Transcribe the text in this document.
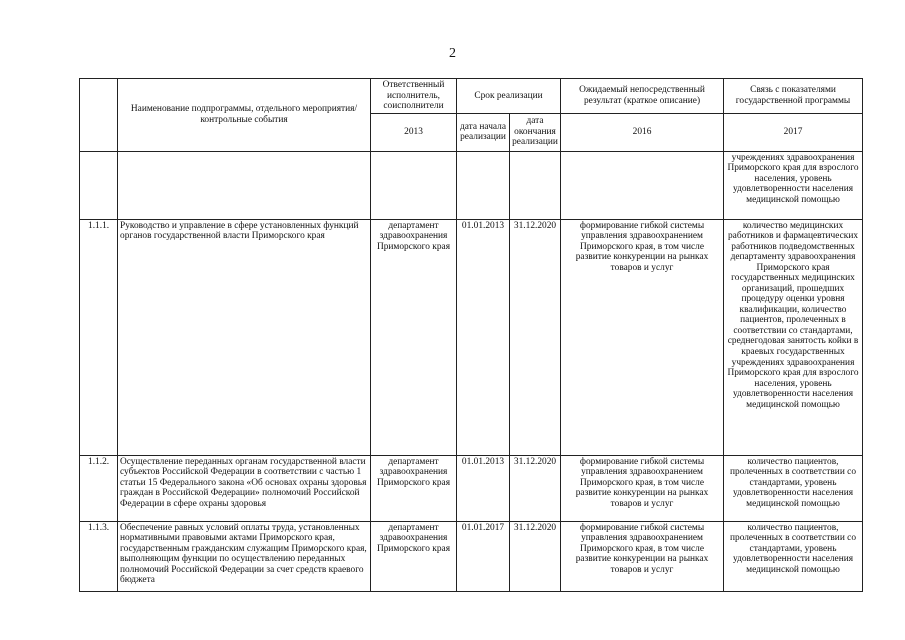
2
	Наименование подпрограммы, отдельного мероприятия/контрольные события	Ответственный исполнитель, соисполнители	Срок реализации		Ожидаемый непосредственный результат (краткое описание)	Связь с показателями государственной программы
		2013	дата начала реализации	дата окончания реализации	2016	2017
						учреждениях здравоохранения Приморского края для взрослого населения, уровень удовлетворенности населения медицинской помощью
1.1.1.	Руководство и управление в сфере установленных функций органов государственной власти Приморского края	департамент здравоохранения Приморского края	01.01.2013	31.12.2020	формирование гибкой системы управления здравоохранением Приморского края, в том числе развитие конкуренции на рынках товаров и услуг	количество медицинских работников и фармацевтических работников подведомственных департаменту здравоохранения Приморского края государственных медицинских организаций, прошедших процедуру оценки уровня квалификации, количество пациентов, пролеченных в соответствии со стандартами, среднегодовая занятость койки в краевых государственных учреждениях здравоохранения Приморского края для взрослого населения, уровень удовлетворенности населения медицинской помощью
1.1.2.	Осуществление переданных органам государственной власти субъектов Российской Федерации в соответствии с частью 1 статьи 15 Федерального закона «Об основах охраны здоровья граждан в Российской Федерации» полномочий Российской Федерации в сфере охраны здоровья	департамент здравоохранения Приморского края	01.01.2013	31.12.2020	формирование гибкой системы управления здравоохранением Приморского края, в том числе развитие конкуренции на рынках товаров и услуг	количество пациентов, пролеченных в соответствии со стандартами, уровень удовлетворенности населения медицинской помощью
1.1.3.	Обеспечение равных условий оплаты труда, установленных нормативными правовыми актами Приморского края, государственным гражданским служащим Приморского края, выполняющим функции по осуществлению переданных полномочий Российской Федерации за счет средств краевого бюджета	департамент здравоохранения Приморского края	01.01.2017	31.12.2020	формирование гибкой системы управления здравоохранением Приморского края, в том числе развитие конкуренции на рынках товаров и услуг	количество пациентов, пролеченных в соответствии со стандартами, уровень удовлетворенности населения медицинской помощью
